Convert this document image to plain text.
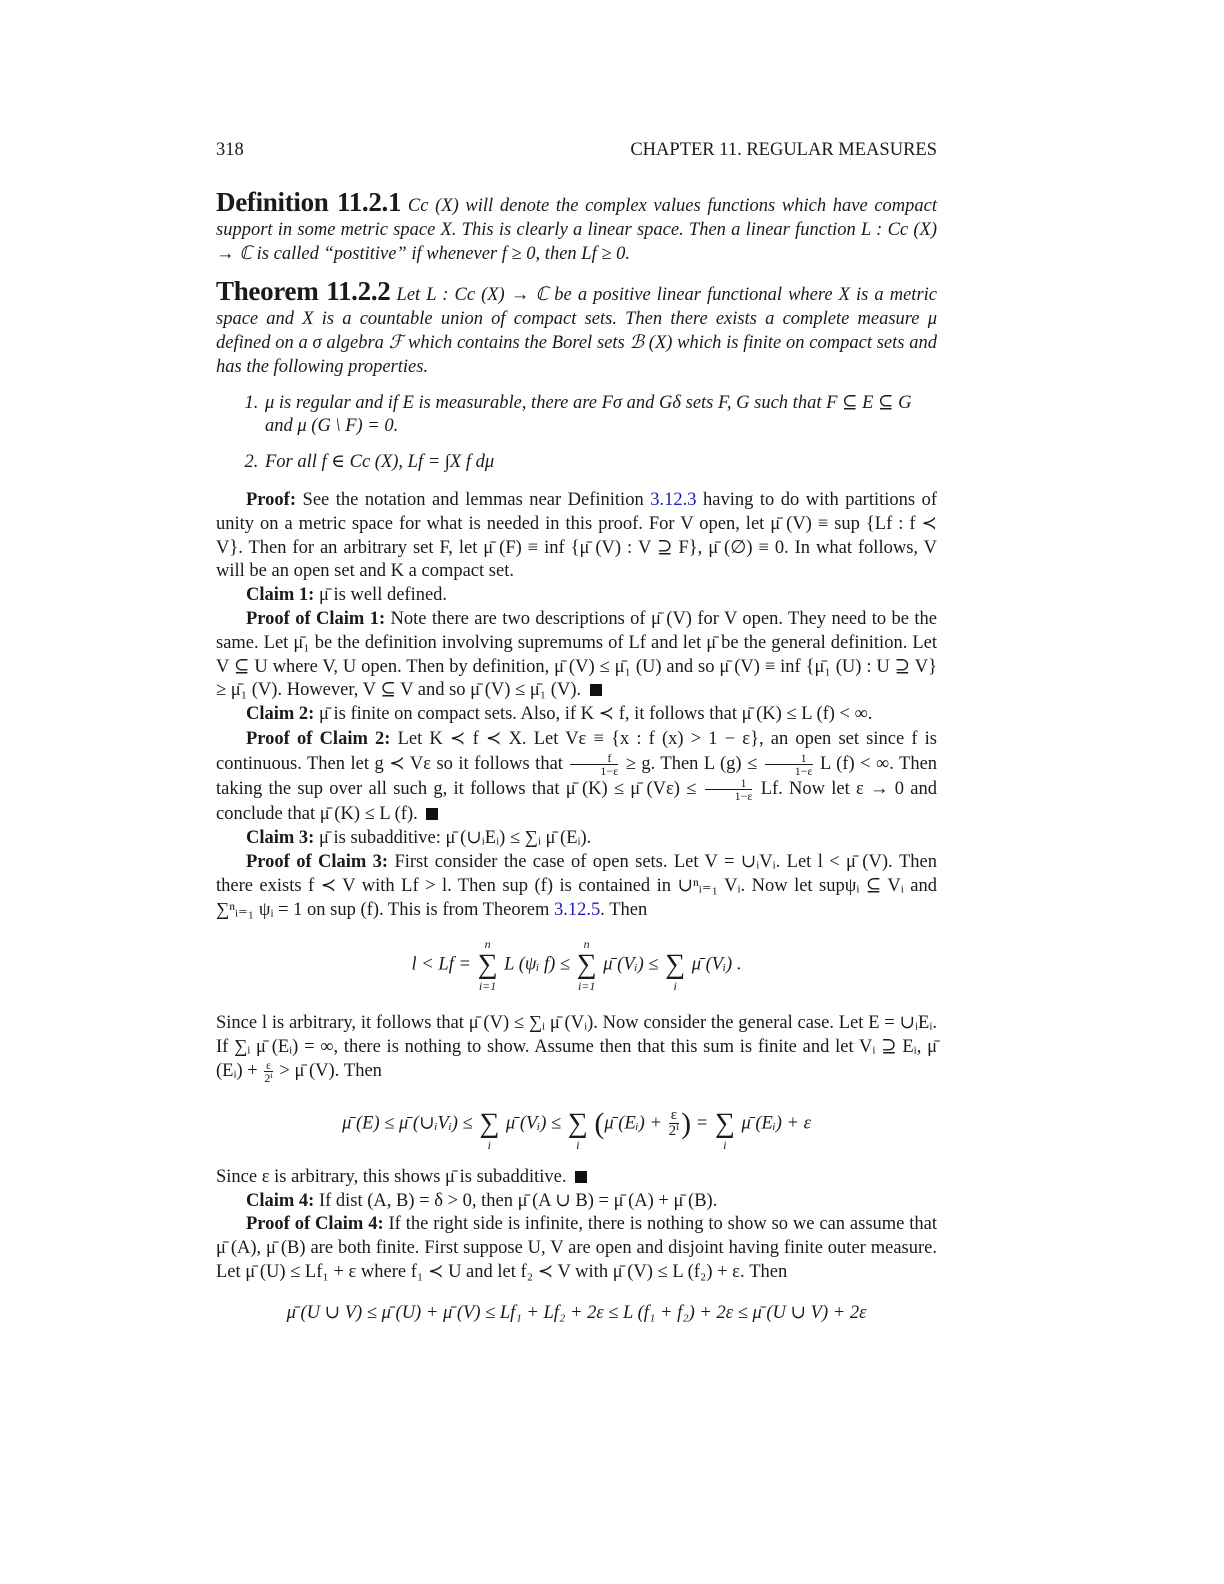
318	CHAPTER 11. REGULAR MEASURES

Definition 11.2.1 Cc (X) will denote the complex values functions which have compact support in some metric space X. This is clearly a linear space. Then a linear function L : Cc (X) → ℂ is called “postitive” if whenever f ≥ 0, then Lf ≥ 0.

Theorem 11.2.2 Let L : Cc (X) → ℂ be a positive linear functional where X is a metric space and X is a countable union of compact sets. Then there exists a complete measure μ defined on a σ algebra ℱ which contains the Borel sets ℬ (X) which is finite on compact sets and has the following properties.

1. μ is regular and if E is measurable, there are Fσ and Gδ sets F, G such that F ⊆ E ⊆ G and μ (G \ F) = 0.
2. For all f ∈ Cc (X), Lf = ∫X f dμ

Proof: See the notation and lemmas near Definition 3.12.3 having to do with partitions of unity on a metric space for what is needed in this proof. For V open, let μ̄ (V) ≡ sup {Lf : f ≺ V}. Then for an arbitrary set F, let μ̄ (F) ≡ inf {μ̄ (V) : V ⊇ F}, μ̄ (∅) ≡ 0. In what follows, V will be an open set and K a compact set.

Claim 1: μ̄ is well defined.

Proof of Claim 1: Note there are two descriptions of μ̄ (V) for V open. They need to be the same. Let μ̄₁ be the definition involving supremums of Lf and let μ̄ be the general definition. Let V ⊆ U where V, U open. Then by definition, μ̄ (V) ≤ μ̄₁ (U) and so μ̄ (V) ≡ inf {μ̄₁ (U) : U ⊇ V} ≥ μ̄₁ (V). However, V ⊆ V and so μ̄ (V) ≤ μ̄₁ (V).

Claim 2: μ̄ is finite on compact sets. Also, if K ≺ f, it follows that μ̄ (K) ≤ L (f) < ∞.

Proof of Claim 2: Let K ≺ f ≺ X. Let Vε ≡ {x : f (x) > 1 − ε}, an open set since f is continuous. Then let g ≺ Vε so it follows that $\frac{f}{1-\varepsilon} \ge g$. Then L $(g) \le \frac{1}{1-\varepsilon}$ L (f) < ∞. Then taking the sup over all such g, it follows that μ̄ (K) ≤ μ̄ $(V\varepsilon) \le \frac{1}{1-\varepsilon} Lf$. Now let ε → 0 and conclude that μ̄ (K) ≤ L (f).

Claim 3: μ̄ is subadditive: μ̄ (∪ᵢEᵢ) ≤ ∑ᵢ μ̄ (Eᵢ).

Proof of Claim 3: First consider the case of open sets. Let V = ∪ᵢVᵢ. Let l < μ̄ (V). Then there exists f ≺ V with Lf > l. Then sup (f) is contained in ∪ⁿᵢ₌₁ Vᵢ. Now let supψᵢ ⊆ Vᵢ and ∑ⁿᵢ₌₁ ψᵢ = 1 on sup (f). This is from Theorem 3.12.5. Then

l < Lf =
n
∑
i=1
L (ψᵢ f) ≤
n
∑
i=1
μ̄ (Vᵢ) ≤
∑
i
μ̄ (Vᵢ) .

Since l is arbitrary, it follows that μ̄ (V) ≤ ∑ᵢ μ̄ (Vᵢ). Now consider the general case. Let E = ∪ᵢEᵢ. If ∑ᵢ μ̄ (Eᵢ) = ∞, there is nothing to show. Assume then that this sum is finite and let Vᵢ ⊇ Eᵢ, μ̄ (Eᵢ) + $\frac{\varepsilon}{\text{2ⁱ}}$ > μ̄ (V). Then

μ̄ (E) ≤ μ̄ (∪ᵢVᵢ) ≤
∑
i
μ̄ (Vᵢ) ≤
∑
i
(μ̄ (Eᵢ) + $\frac{\varepsilon}{\text{2ⁱ}}$ ) =
∑
i
μ̄ (Eᵢ) + ε

Since ε is arbitrary, this shows μ̄ is subadditive.

Claim 4: If dist (A, B) = δ > 0, then μ̄ (A ∪ B) = μ̄ (A) + μ̄ (B).

Proof of Claim 4: If the right side is infinite, there is nothing to show so we can assume that μ̄ (A), μ̄ (B) are both finite. First suppose U, V are open and disjoint having finite outer measure. Let μ̄ (U) ≤ Lf₁ + ε where f₁ ≺ U and let f₂ ≺ V with μ̄ (V) ≤ L (f₂) + ε. Then

μ̄ (U ∪ V) ≤ μ̄ (U) + μ̄ (V) ≤ Lf₁ + Lf₂ + 2ε ≤ L (f₁ + f₂) + 2ε ≤ μ̄ (U ∪ V) + 2ε
